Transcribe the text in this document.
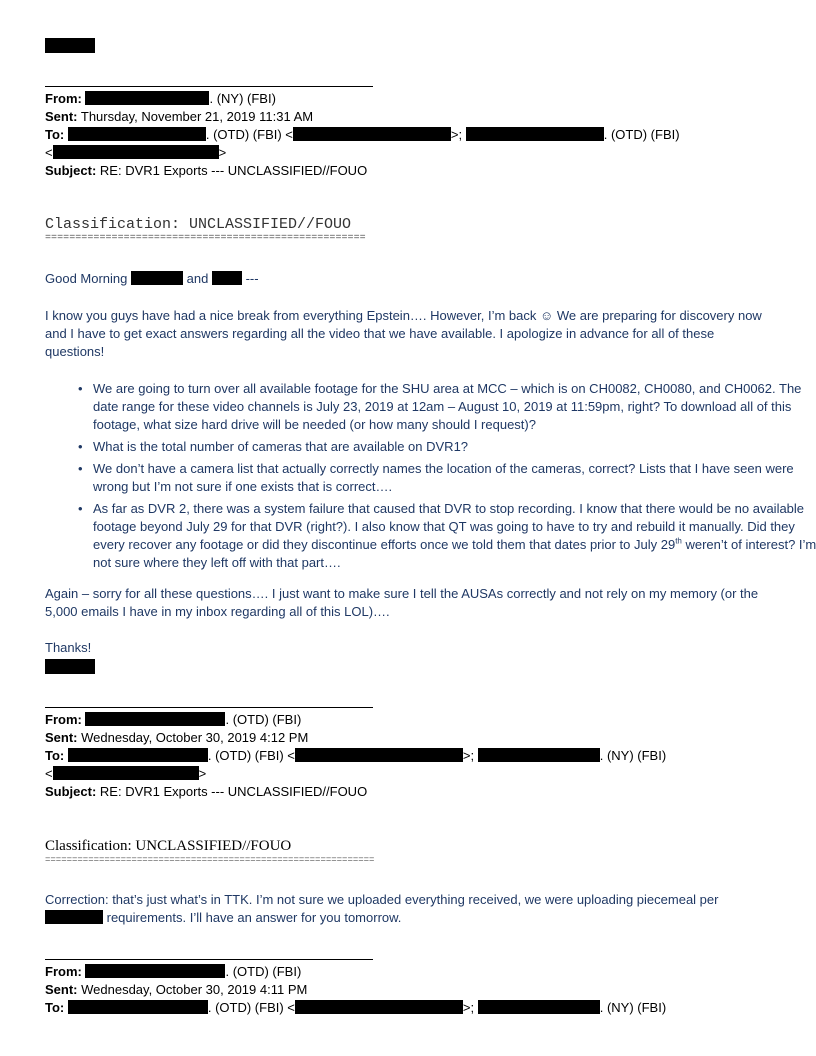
From:	. (NY) (FBI)
Sent: Thursday, November 21, 2019 11:31 AM
To:	. (OTD) (FBI) <	>;	. (OTD) (FBI)
<	>
Subject: RE: DVR1 Exports --- UNCLASSIFIED//FOUO
Classification: UNCLASSIFIED//FOUO
=====================================================
Good Morning	and	---
I know you guys have had a nice break from everything Epstein…. However, I’m back ☺ We are preparing for discovery now and I have to get exact answers regarding all the video that we have available. I apologize in advance for all of these questions!
• We are going to turn over all available footage for the SHU area at MCC – which is on CH0082, CH0080, and CH0062. The date range for these video channels is July 23, 2019 at 12am – August 10, 2019 at 11:59pm, right? To download all of this footage, what size hard drive will be needed (or how many should I request)?
• What is the total number of cameras that are available on DVR1?
• We don’t have a camera list that actually correctly names the location of the cameras, correct? Lists that I have seen were wrong but I’m not sure if one exists that is correct….
• As far as DVR 2, there was a system failure that caused that DVR to stop recording. I know that there would be no available footage beyond July 29 for that DVR (right?). I also know that QT was going to have to try and rebuild it manually. Did they every recover any footage or did they discontinue efforts once we told them that dates prior to July 29th weren’t of interest? I’m not sure where they left off with that part….
Again – sorry for all these questions…. I just want to make sure I tell the AUSAs correctly and not rely on my memory (or the 5,000 emails I have in my inbox regarding all of this LOL)….
Thanks!
From:	. (OTD) (FBI)
Sent: Wednesday, October 30, 2019 4:12 PM
To:	. (OTD) (FBI) <	>;	. (NY) (FBI)
<	>
Subject: RE: DVR1 Exports --- UNCLASSIFIED//FOUO
Classification: UNCLASSIFIED//FOUO
=============================================================
Correction: that’s just what’s in TTK. I’m not sure we uploaded everything received, we were uploading piecemeal per
requirements. I’ll have an answer for you tomorrow.
From:	. (OTD) (FBI)
Sent: Wednesday, October 30, 2019 4:11 PM
To:	. (OTD) (FBI) <	>;	. (NY) (FBI)
